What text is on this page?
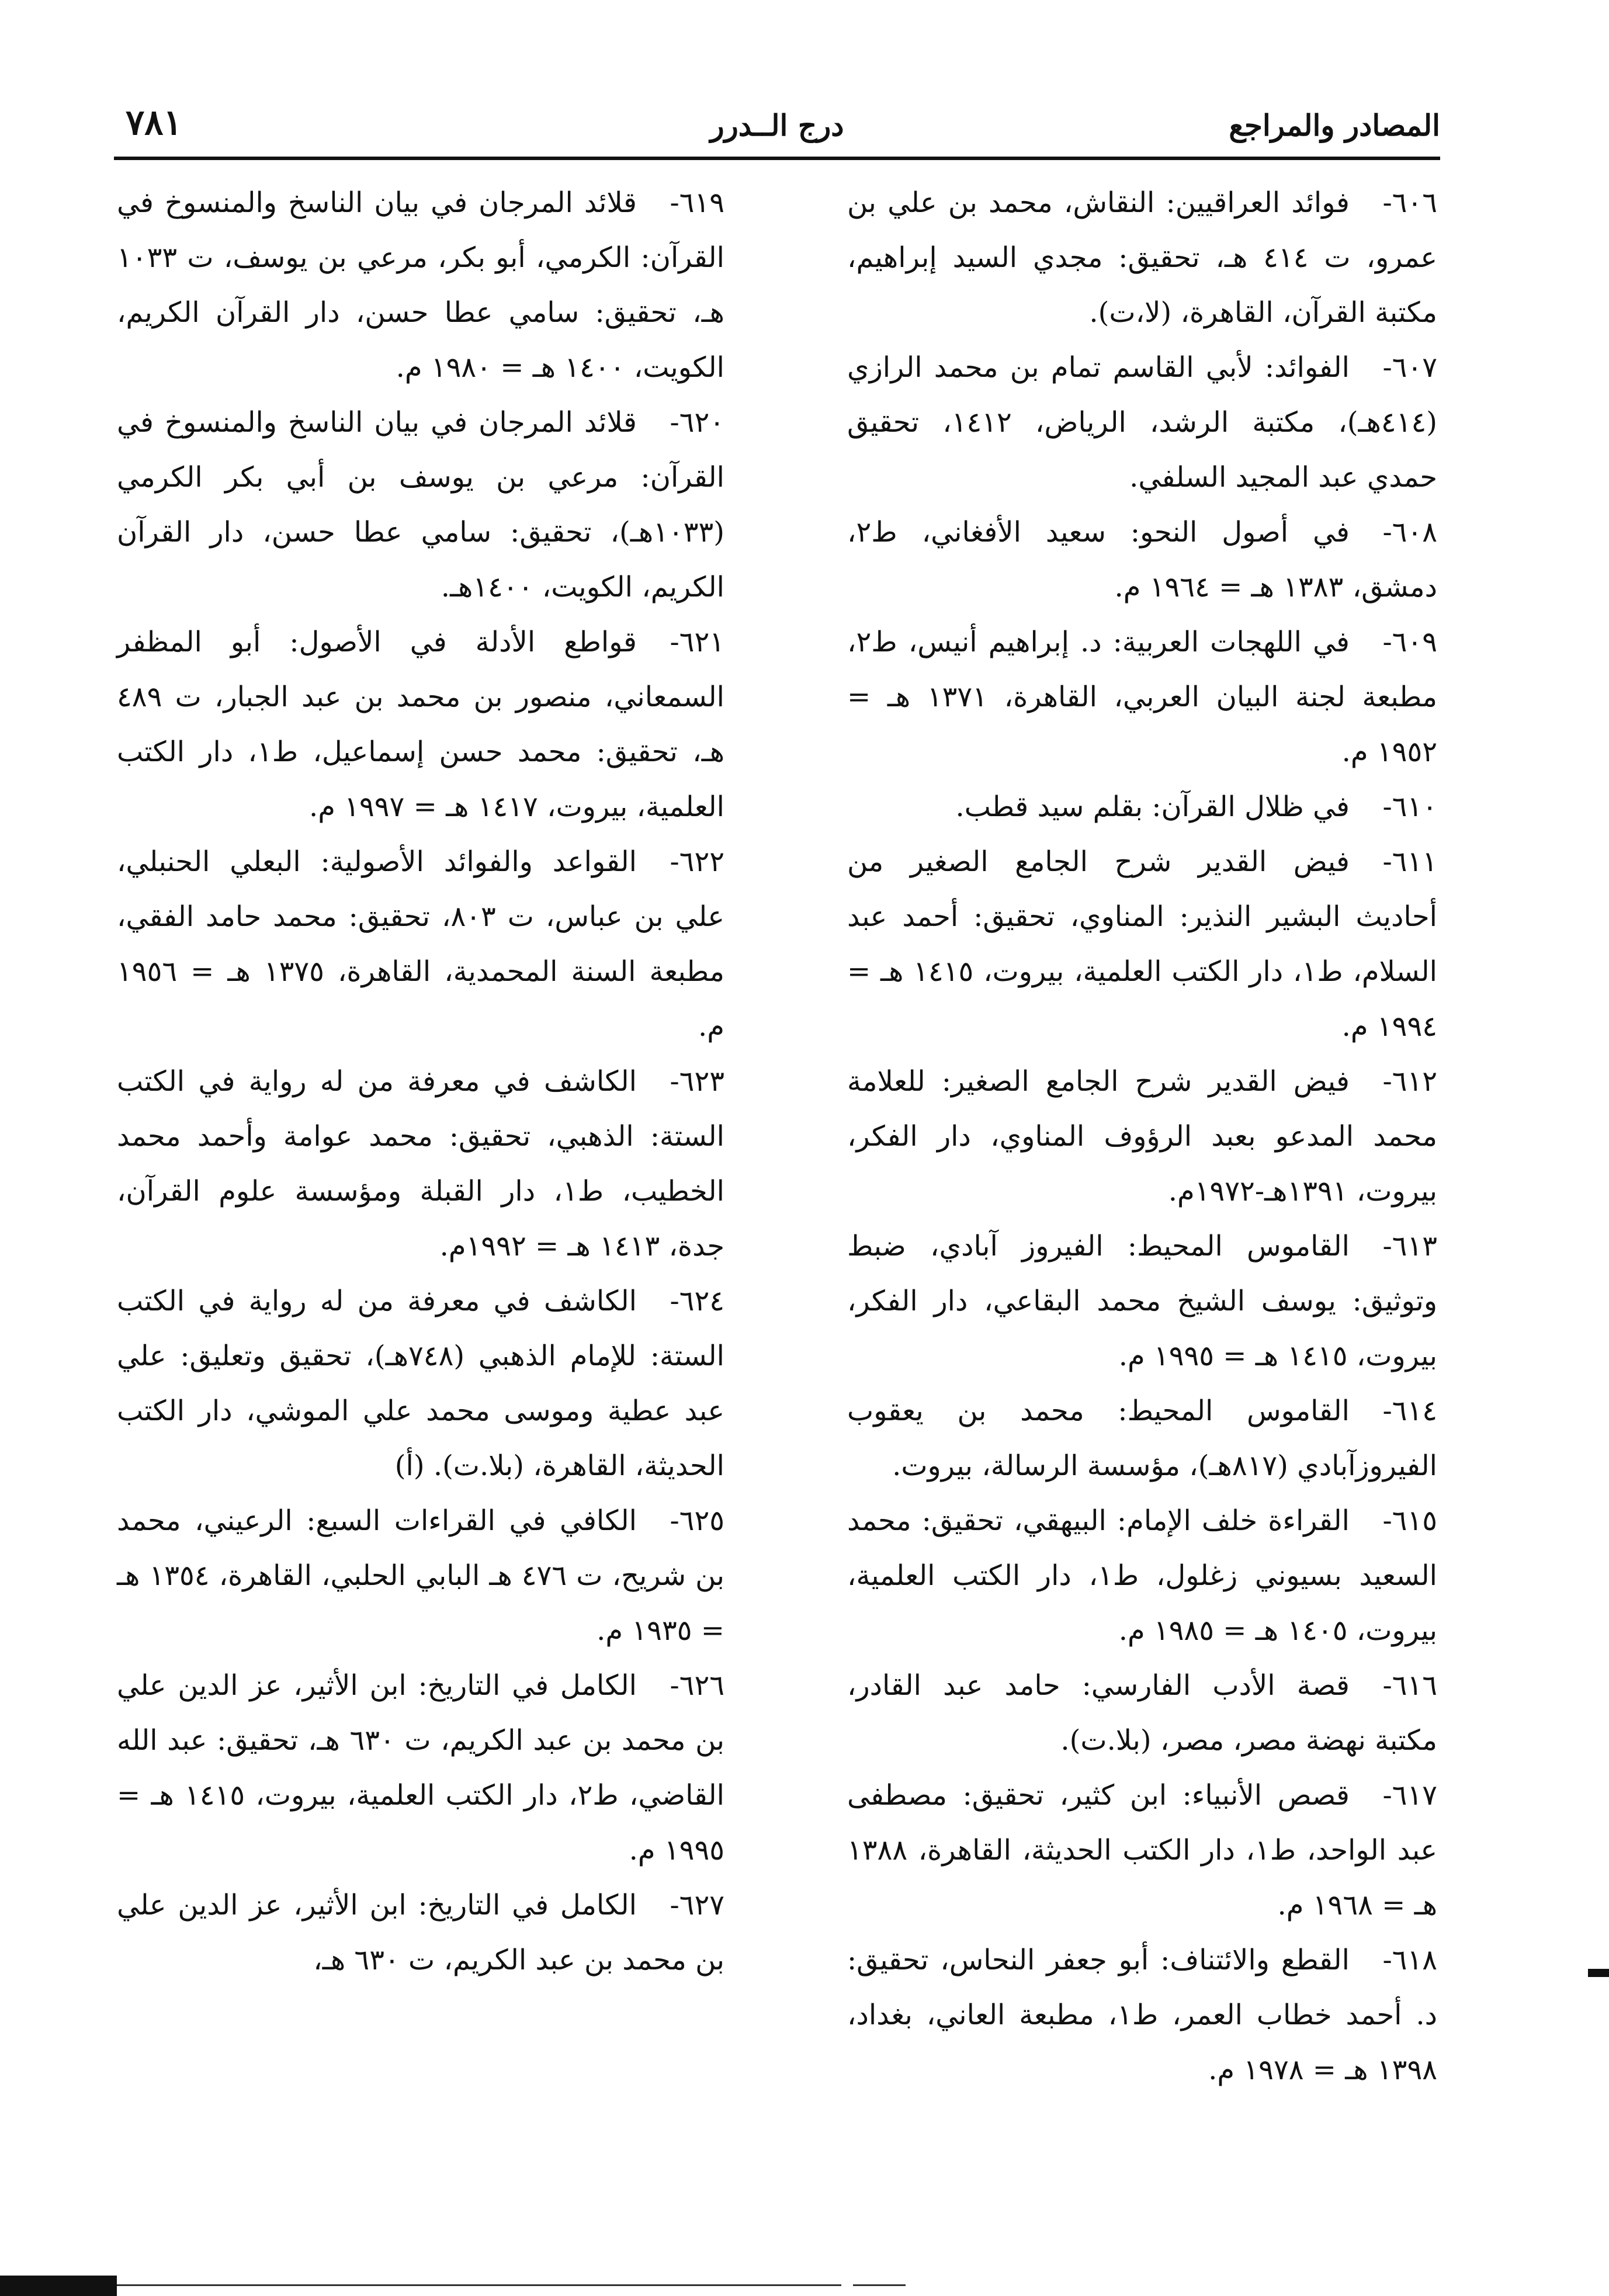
المصادر والمراجع
درج الــدرر
٧٨١

٦٠٦-فوائد العراقيين: النقاش، محمد بن علي بن عمرو، ت ٤١٤ هـ، تحقيق: مجدي السيد إبراهيم، مكتبة القرآن، القاهرة، (لا،ت).

٦٠٧-الفوائد: لأبي القاسم تمام بن محمد الرازي (٤١٤هـ)، مكتبة الرشد، الرياض، ١٤١٢، تحقيق حمدي عبد المجيد السلفي.

٦٠٨-في أصول النحو: سعيد الأفغاني، ط٢، دمشق، ١٣٨٣ هـ = ١٩٦٤ م.

٦٠٩-في اللهجات العربية: د. إبراهيم أنيس، ط٢، مطبعة لجنة البيان العربي، القاهرة، ١٣٧١ هـ = ١٩٥٢ م.

٦١٠-في ظلال القرآن: بقلم سيد قطب.

٦١١-فيض القدير شرح الجامع الصغير من أحاديث البشير النذير: المناوي، تحقيق: أحمد عبد السلام، ط١، دار الكتب العلمية، بيروت، ١٤١٥ هـ = ١٩٩٤ م.

٦١٢-فيض القدير شرح الجامع الصغير: للعلامة محمد المدعو بعبد الرؤوف المناوي، دار الفكر، بيروت، ١٣٩١هـ-١٩٧٢م.

٦١٣-القاموس المحيط: الفيروز آبادي، ضبط وتوثيق: يوسف الشيخ محمد البقاعي، دار الفكر، بيروت، ١٤١٥ هـ = ١٩٩٥ م.

٦١٤-القاموس المحيط: محمد بن يعقوب الفيروزآبادي (٨١٧هـ)، مؤسسة الرسالة، بيروت.

٦١٥-القراءة خلف الإمام: البيهقي، تحقيق: محمد السعيد بسيوني زغلول، ط١، دار الكتب العلمية، بيروت، ١٤٠٥ هـ = ١٩٨٥ م.

٦١٦-قصة الأدب الفارسي: حامد عبد القادر، مكتبة نهضة مصر، مصر، (بلا.ت).

٦١٧-قصص الأنبياء: ابن كثير، تحقيق: مصطفى عبد الواحد، ط١، دار الكتب الحديثة، القاهرة، ١٣٨٨ هـ = ١٩٦٨ م.

٦١٨-القطع والائتناف: أبو جعفر النحاس، تحقيق: د. أحمد خطاب العمر، ط١، مطبعة العاني، بغداد، ١٣٩٨ هـ = ١٩٧٨ م.

٦١٩-قلائد المرجان في بيان الناسخ والمنسوخ في القرآن: الكرمي، أبو بكر، مرعي بن يوسف، ت ١٠٣٣ هـ، تحقيق: سامي عطا حسن، دار القرآن الكريم، الكويت، ١٤٠٠ هـ = ١٩٨٠ م.

٦٢٠-قلائد المرجان في بيان الناسخ والمنسوخ في القرآن: مرعي بن يوسف بن أبي بكر الكرمي (١٠٣٣هـ)، تحقيق: سامي عطا حسن، دار القرآن الكريم، الكويت، ١٤٠٠هـ.

٦٢١-قواطع الأدلة في الأصول: أبو المظفر السمعاني، منصور بن محمد بن عبد الجبار، ت ٤٨٩ هـ، تحقيق: محمد حسن إسماعيل، ط١، دار الكتب العلمية، بيروت، ١٤١٧ هـ = ١٩٩٧ م.

٦٢٢-القواعد والفوائد الأصولية: البعلي الحنبلي، علي بن عباس، ت ٨٠٣، تحقيق: محمد حامد الفقي، مطبعة السنة المحمدية، القاهرة، ١٣٧٥ هـ = ١٩٥٦ م.

٦٢٣-الكاشف في معرفة من له رواية في الكتب الستة: الذهبي، تحقيق: محمد عوامة وأحمد محمد الخطيب، ط١، دار القبلة ومؤسسة علوم القرآن، جدة، ١٤١٣ هـ = ١٩٩٢م.

٦٢٤-الكاشف في معرفة من له رواية في الكتب الستة: للإمام الذهبي (٧٤٨هـ)، تحقيق وتعليق: علي عبد عطية وموسى محمد علي الموشي، دار الكتب الحديثة، القاهرة، (بلا.ت). (أ)

٦٢٥-الكافي في القراءات السبع: الرعيني، محمد بن شريح، ت ٤٧٦ هـ البابي الحلبي، القاهرة، ١٣٥٤ هـ = ١٩٣٥ م.

٦٢٦-الكامل في التاريخ: ابن الأثير، عز الدين علي بن محمد بن عبد الكريم، ت ٦٣٠ هـ، تحقيق: عبد الله القاضي، ط٢، دار الكتب العلمية، بيروت، ١٤١٥ هـ = ١٩٩٥ م.

٦٢٧-الكامل في التاريخ: ابن الأثير، عز الدين علي بن محمد بن عبد الكريم، ت ٦٣٠ هـ،
